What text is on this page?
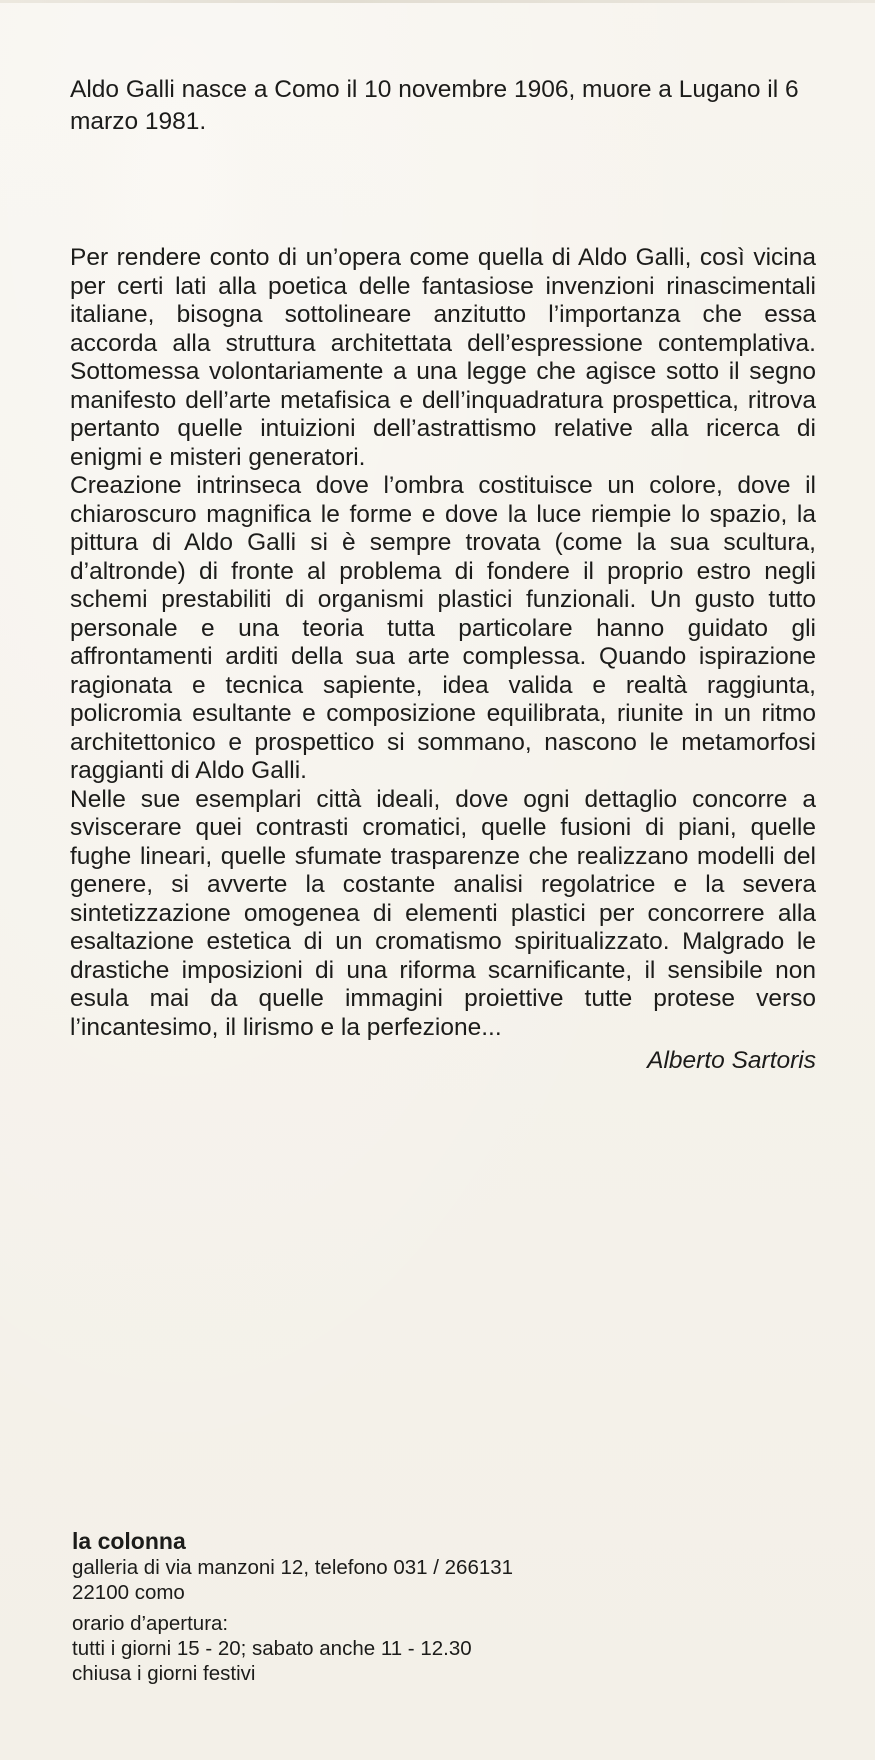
Aldo Galli nasce a Como il 10 novembre 1906, muore a Lugano il 6 marzo 1981.

Per rendere conto di un’opera come quella di Aldo Galli, così vicina per certi lati alla poetica delle fantasiose invenzioni rinascimentali italiane, bisogna sottolineare anzitutto l’importanza che essa accorda alla struttura architettata dell’espressione contemplativa. Sottomessa volontariamente a una legge che agisce sotto il segno manifesto dell’arte metafisica e dell’inquadratura prospettica, ritrova pertanto quelle intuizioni dell’astrattismo relative alla ricerca di enigmi e misteri generatori.

Creazione intrinseca dove l’ombra costituisce un colore, dove il chiaroscuro magnifica le forme e dove la luce riempie lo spazio, la pittura di Aldo Galli si è sempre trovata (come la sua scultura, d’altronde) di fronte al problema di fondere il proprio estro negli schemi prestabiliti di organismi plastici funzionali. Un gusto tutto personale e una teoria tutta particolare hanno guidato gli affrontamenti arditi della sua arte complessa. Quando ispirazione ragionata e tecnica sapiente, idea valida e realtà raggiunta, policromia esultante e composizione equilibrata, riunite in un ritmo architettonico e prospettico si sommano, nascono le metamorfosi raggianti di Aldo Galli.

Nelle sue esemplari città ideali, dove ogni dettaglio concorre a sviscerare quei contrasti cromatici, quelle fusioni di piani, quelle fughe lineari, quelle sfumate trasparenze che realizzano modelli del genere, si avverte la costante analisi regolatrice e la severa sintetizzazione omogenea di elementi plastici per concorrere alla esaltazione estetica di un cromatismo spiritualizzato. Malgrado le drastiche imposizioni di una riforma scarnificante, il sensibile non esula mai da quelle immagini proiettive tutte protese verso l’incantesimo, il lirismo e la perfezione...

Alberto Sartoris
la colonna
galleria di via manzoni 12, telefono 031 / 266131
22100 como
orario d’apertura:
tutti i giorni 15 - 20; sabato anche 11 - 12.30
chiusa i giorni festivi
